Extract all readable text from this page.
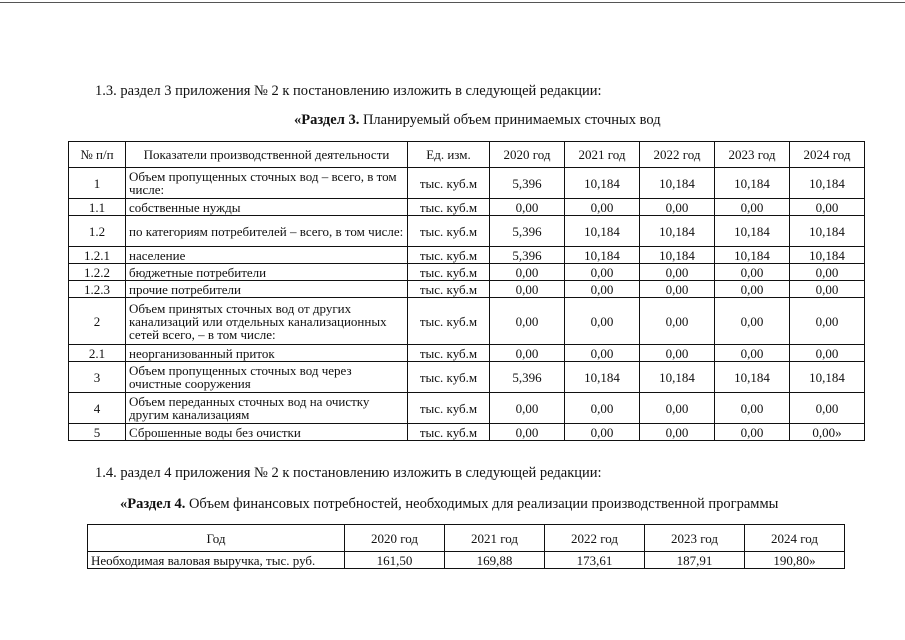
1.3. раздел 3 приложения № 2 к постановлению изложить в следующей редакции:
«Раздел 3. Планируемый объем принимаемых сточных вод
№ п/п	Показатели производственной деятельности	Ед. изм.	2020 год	2021 год	2022 год	2023 год	2024 год
1	Объем пропущенных сточных вод – всего, в том числе:	тыс. куб.м	5,396	10,184	10,184	10,184	10,184
1.1	собственные нужды	тыс. куб.м	0,00	0,00	0,00	0,00	0,00
1.2	по категориям потребителей – всего, в том числе:	тыс. куб.м	5,396	10,184	10,184	10,184	10,184
1.2.1	население	тыс. куб.м	5,396	10,184	10,184	10,184	10,184
1.2.2	бюджетные потребители	тыс. куб.м	0,00	0,00	0,00	0,00	0,00
1.2.3	прочие потребители	тыс. куб.м	0,00	0,00	0,00	0,00	0,00
2	Объем принятых сточных вод от других канализаций или отдельных канализационных сетей всего, – в том числе:	тыс. куб.м	0,00	0,00	0,00	0,00	0,00
2.1	неорганизованный приток	тыс. куб.м	0,00	0,00	0,00	0,00	0,00
3	Объем пропущенных сточных вод через очистные сооружения	тыс. куб.м	5,396	10,184	10,184	10,184	10,184
4	Объем переданных сточных вод на очистку другим канализациям	тыс. куб.м	0,00	0,00	0,00	0,00	0,00
5	Сброшенные воды без очистки	тыс. куб.м	0,00	0,00	0,00	0,00	0,00»
1.4. раздел 4 приложения № 2 к постановлению изложить в следующей редакции:
«Раздел 4. Объем финансовых потребностей, необходимых для реализации производственной программы
Год	2020 год	2021 год	2022 год	2023 год	2024 год
Необходимая валовая выручка, тыс. руб.	161,50	169,88	173,61	187,91	190,80»
